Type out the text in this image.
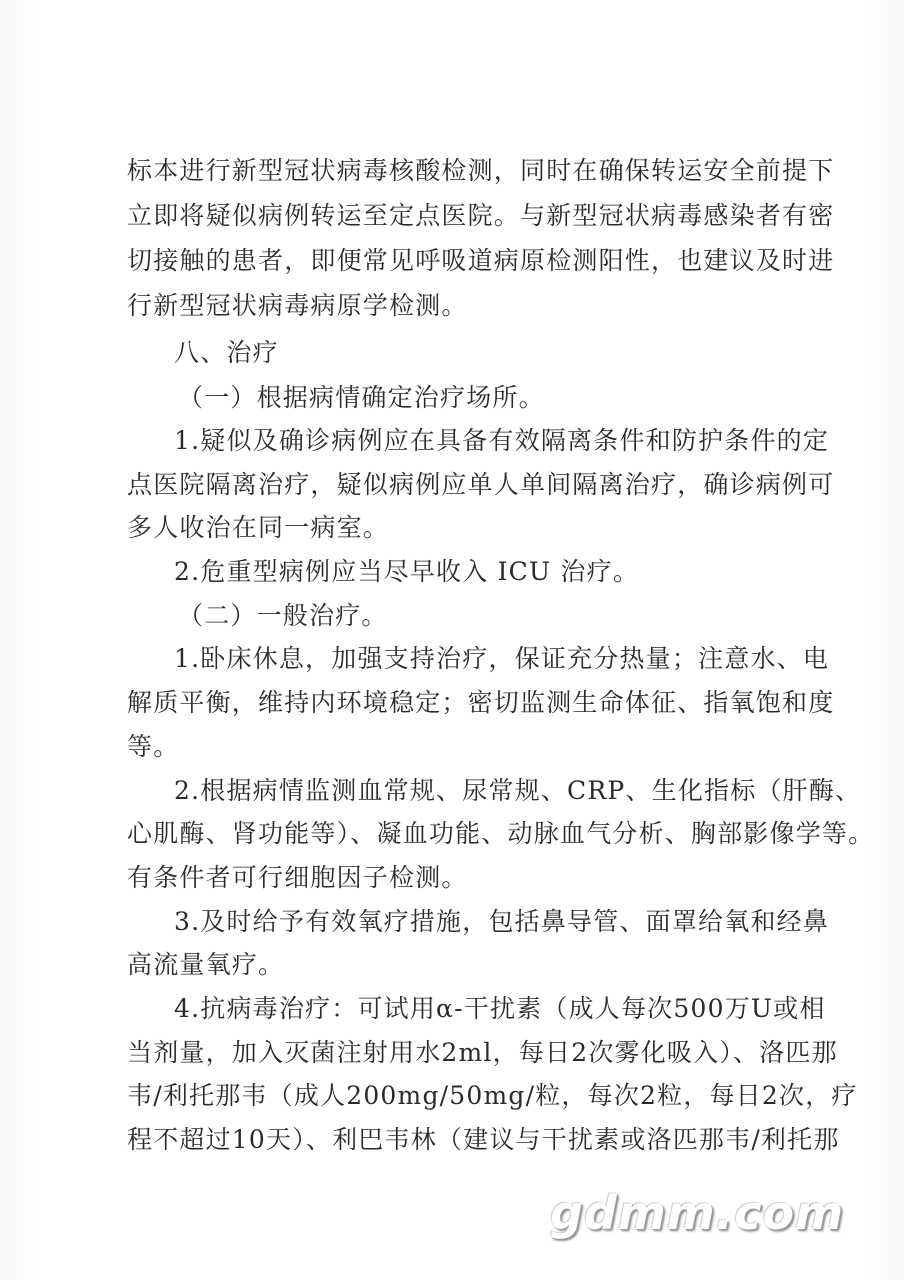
标本进行新型冠状病毒核酸检测，同时在确保转运安全前提下
立即将疑似病例转运至定点医院。与新型冠状病毒感染者有密
切接触的患者，即便常见呼吸道病原检测阳性，也建议及时进
行新型冠状病毒病原学检测。
八、治疗
（一）根据病情确定治疗场所。
1.疑似及确诊病例应在具备有效隔离条件和防护条件的定
点医院隔离治疗，疑似病例应单人单间隔离治疗，确诊病例可
多人收治在同一病室。
2.危重型病例应当尽早收入 ICU 治疗。
（二）一般治疗。
1.卧床休息，加强支持治疗，保证充分热量；注意水、电
解质平衡，维持内环境稳定；密切监测生命体征、指氧饱和度
等。
2.根据病情监测血常规、尿常规、CRP、生化指标（肝酶、
心肌酶、肾功能等）、凝血功能、动脉血气分析、胸部影像学等。
有条件者可行细胞因子检测。
3.及时给予有效氧疗措施，包括鼻导管、面罩给氧和经鼻
高流量氧疗。
4.抗病毒治疗：可试用α-干扰素（成人每次500万U或相
当剂量，加入灭菌注射用水2ml，每日2次雾化吸入）、洛匹那
韦/利托那韦（成人200mg/50mg/粒，每次2粒，每日2次，疗
程不超过10天）、利巴韦林（建议与干扰素或洛匹那韦/利托那
gdmm.com
